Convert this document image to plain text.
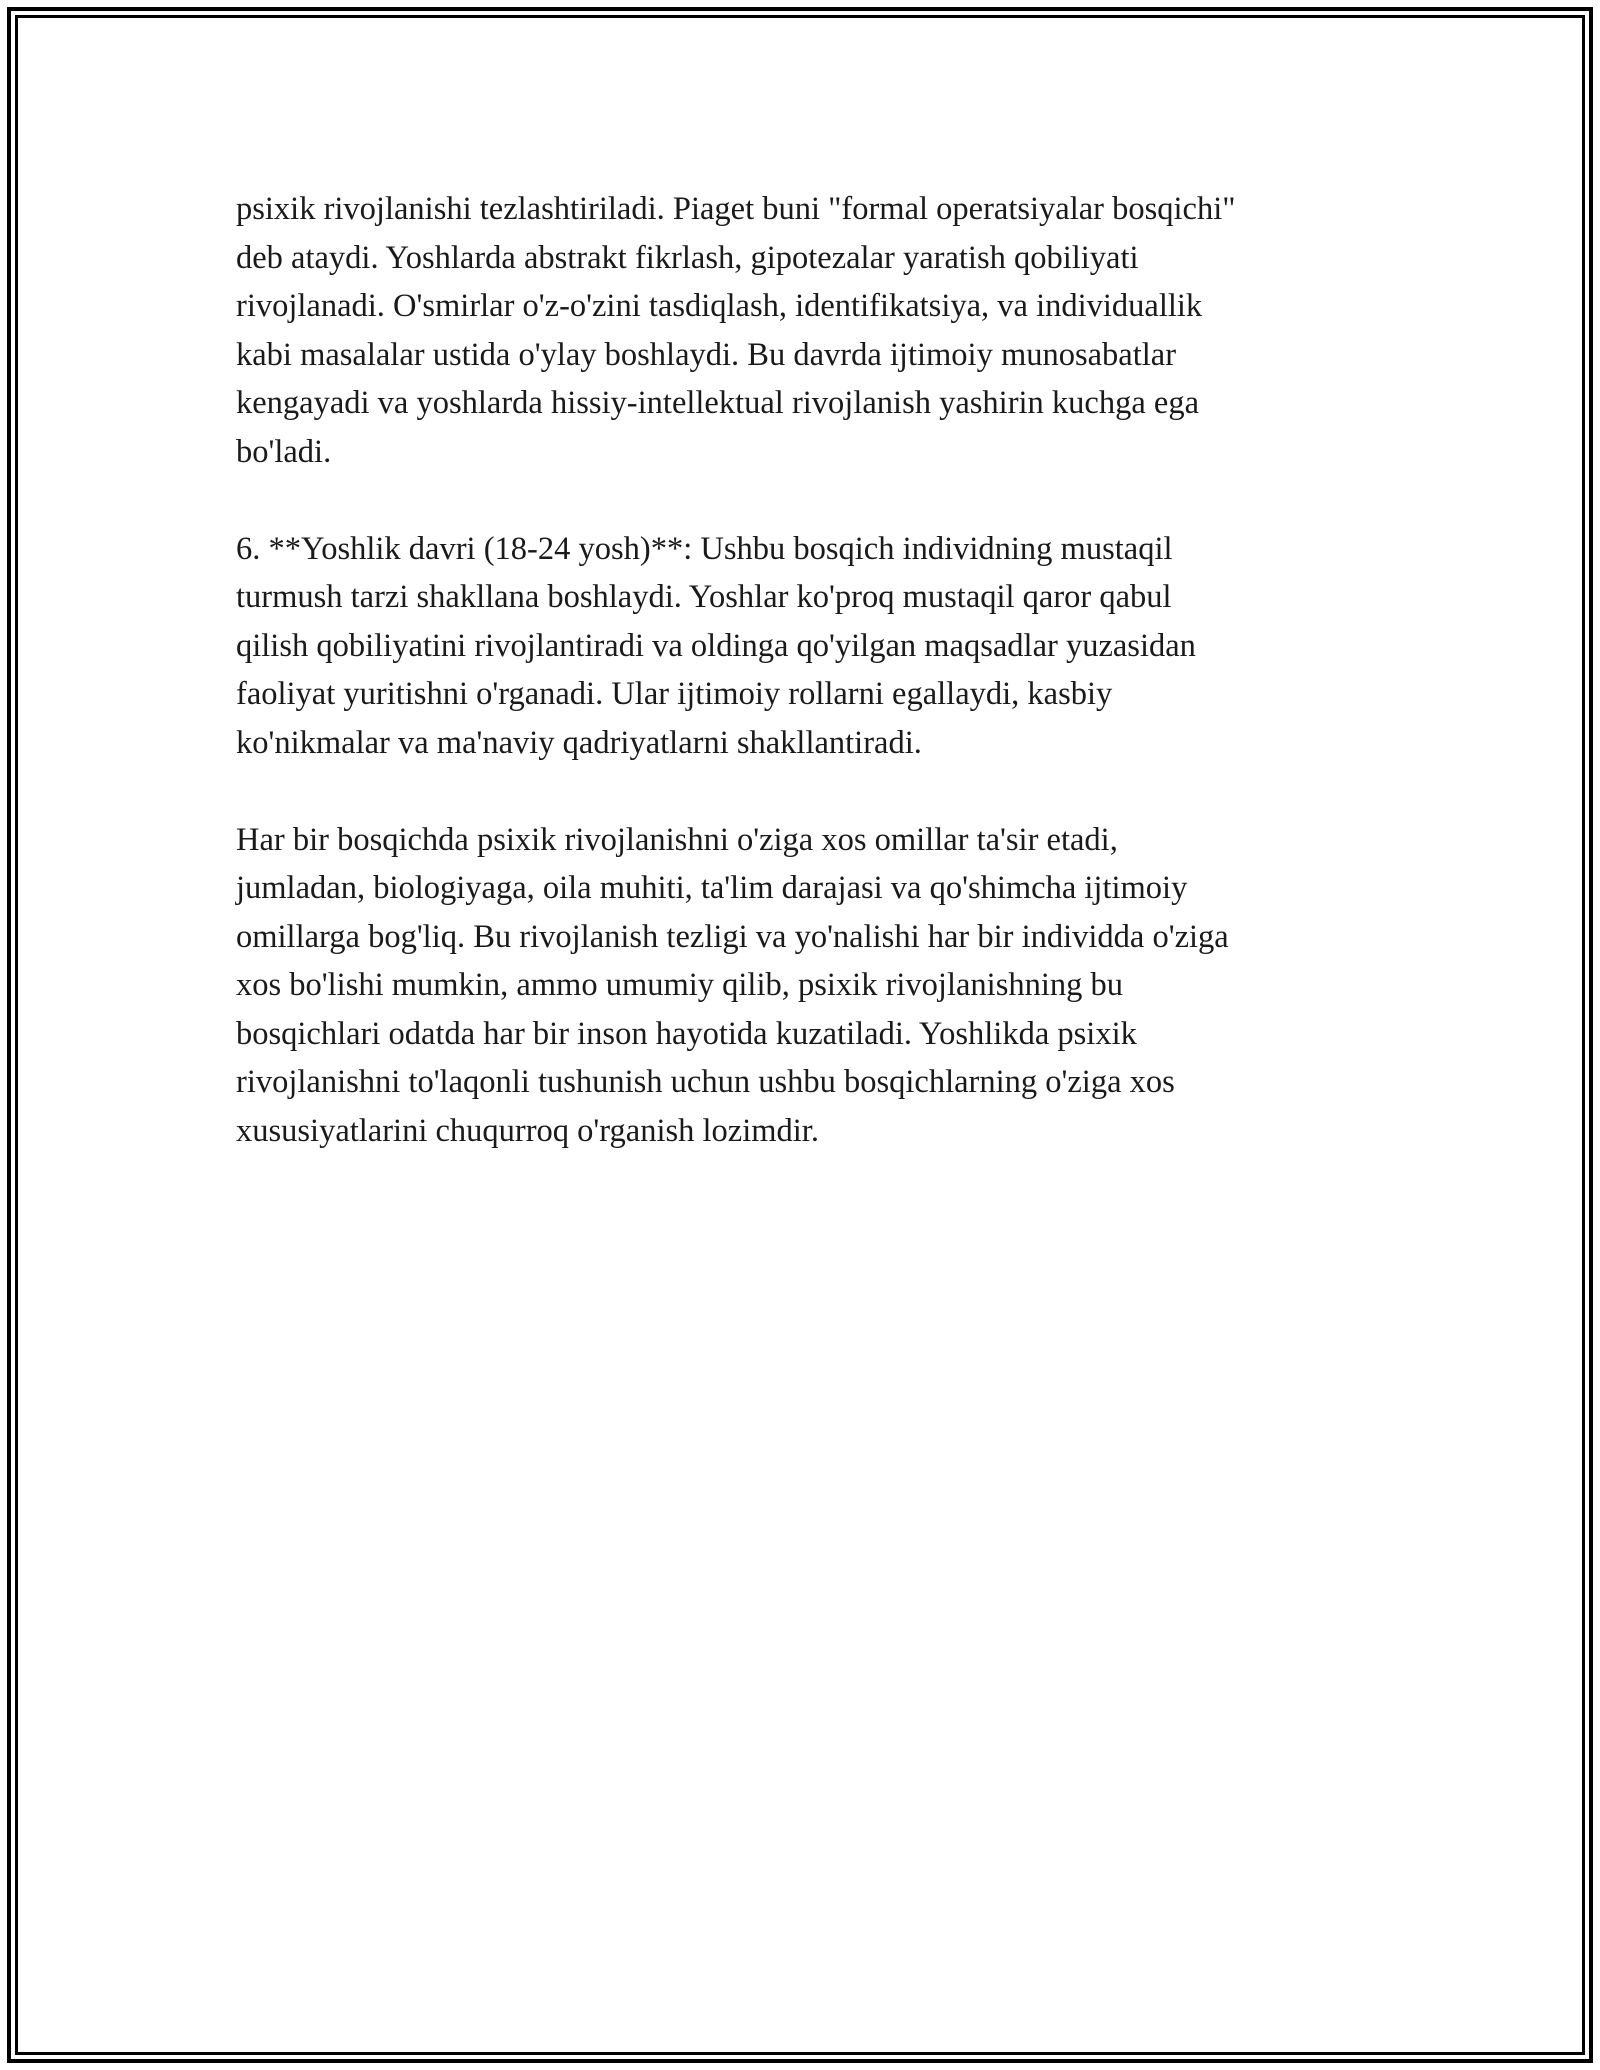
psixik rivojlanishi tezlashtiriladi. Piaget buni "formal operatsiyalar bosqichi"
deb ataydi. Yoshlarda abstrakt fikrlash, gipotezalar yaratish qobiliyati
rivojlanadi. O'smirlar o'z-o'zini tasdiqlash, identifikatsiya, va individuallik
kabi masalalar ustida o'ylay boshlaydi. Bu davrda ijtimoiy munosabatlar
kengayadi va yoshlarda hissiy-intellektual rivojlanish yashirin kuchga ega
bo'ladi.

6. **Yoshlik davri (18-24 yosh)**: Ushbu bosqich individning mustaqil
turmush tarzi shakllana boshlaydi. Yoshlar ko'proq mustaqil qaror qabul
qilish qobiliyatini rivojlantiradi va oldinga qo'yilgan maqsadlar yuzasidan
faoliyat yuritishni o'rganadi. Ular ijtimoiy rollarni egallaydi, kasbiy
ko'nikmalar va ma'naviy qadriyatlarni shakllantiradi.

Har bir bosqichda psixik rivojlanishni o'ziga xos omillar ta'sir etadi,
jumladan, biologiyaga, oila muhiti, ta'lim darajasi va qo'shimcha ijtimoiy
omillarga bog'liq. Bu rivojlanish tezligi va yo'nalishi har bir individda o'ziga
xos bo'lishi mumkin, ammo umumiy qilib, psixik rivojlanishning bu
bosqichlari odatda har bir inson hayotida kuzatiladi. Yoshlikda psixik
rivojlanishni to'laqonli tushunish uchun ushbu bosqichlarning o'ziga xos
xususiyatlarini chuqurroq o'rganish lozimdir.
